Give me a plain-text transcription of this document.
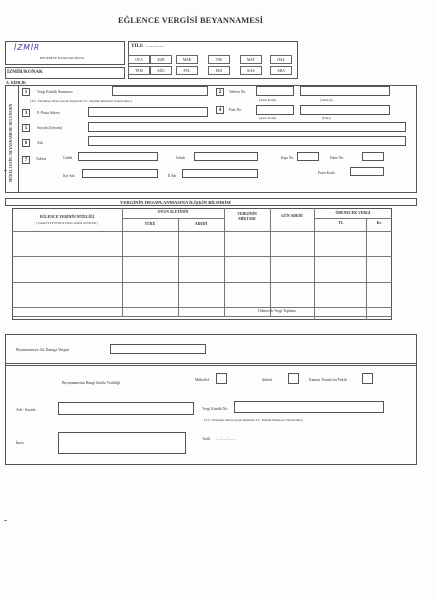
EĞLENCE VERGİSİ BEYANNAMESİ
İZMİR
BELEDİYE BAŞKANLIĞINA
İZMİR/KONAK
YILI: ...............
OCA	ŞUB	MAR	NİS	MAY	HAZ
TEM	AĞU	EYL	EKİ	KAS	ARA
A- KİMLİK
MÜKELLEFİN / BEYANNAMEDE BULUNANIN
1	Vergi Kimlik Numarası
(T.C. Vatandaşı Olan Gerçek Kişilerde T.C. Kimlik Numarası Yazılacaktır.)
2	Telefon No.
(Alan Kodu)	(Telefon)
3	E-Posta Adresi	4	Faks No.
(Alan Kodu)	(Faks)
5	Soyadı (Unvanı)
6	Adı
7	Adresi	Cadde	Sokak	Kapı No.	Daire No.
İlçe Adı	İl Adı
Posta Kodu
VERGİNİN HESAPLANMASINA İLİŞKİN BİLDİRİM
EĞLENCE YERİNİN NİTELİĞİ
( FAALİYETTE BULUNACAĞIM GÜNLER )
OYUN ALETİNİN
TÜRÜ	ADEDİ
VERGİNİN
MİKTARI
GÜN ADEDİ
ÖDENECEK VERGİ
TL	Kr
Ödenecek Vergi Toplamı
Beyannameye Ait Damga Vergisi
Beyannamenin Hangi Sıfatla Verildiği
Mükellef	Şirketi	Kanuni Temsilcisi/Vekili
Adı - Soyadı	Vergi Kimlik No.
(T.C. Vatandaşı Olan Gerçek Kişilerde T.C. Kimlik Numarası Yazılacaktır.)
İmza
Tarih .... /.... /........
